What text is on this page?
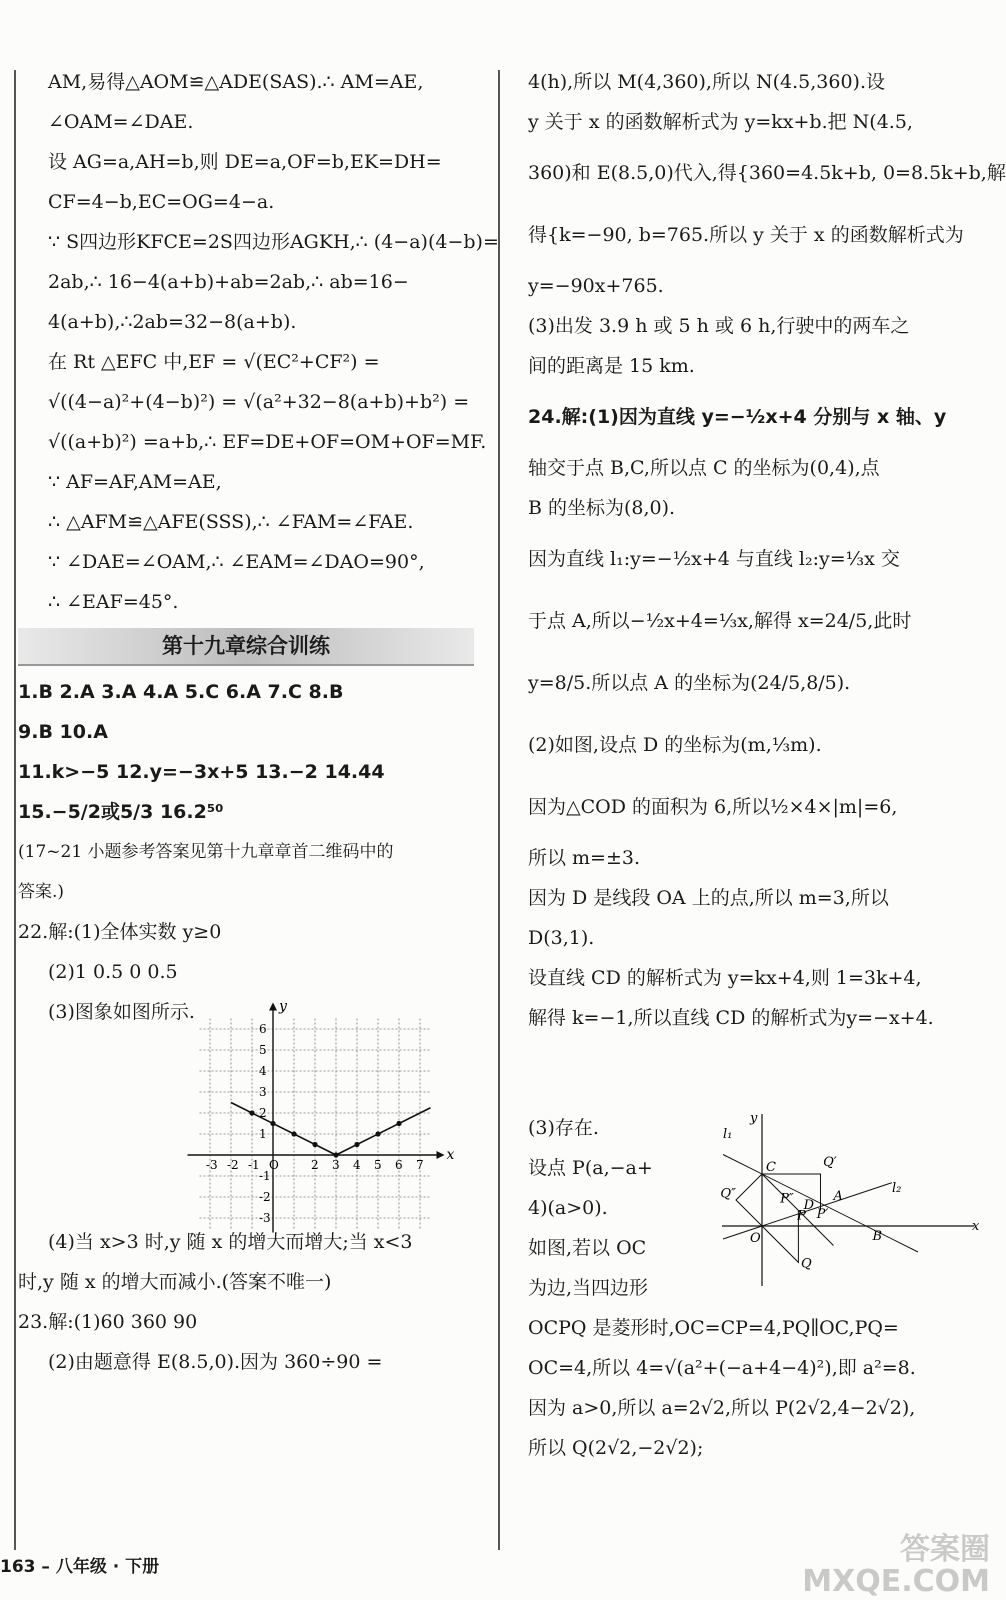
AM,易得△AOM≌△ADE(SAS).∴ AM=AE,
∠OAM=∠DAE.
设 AG=a,AH=b,则 DE=a,OF=b,EK=DH=
CF=4−b,EC=OG=4−a.
∵ S四边形KFCE=2S四边形AGKH,∴ (4−a)(4−b)=
2ab,∴ 16−4(a+b)+ab=2ab,∴ ab=16−
4(a+b),∴2ab=32−8(a+b).
在 Rt △EFC 中,EF = √(EC²+CF²) =
√((4−a)²+(4−b)²) = √(a²+32−8(a+b)+b²) =
√((a+b)²) =a+b,∴ EF=DE+OF=OM+OF=MF.
∵ AF=AF,AM=AE,
∴ △AFM≌△AFE(SSS),∴ ∠FAM=∠FAE.
∵ ∠DAE=∠OAM,∴ ∠EAM=∠DAO=90°,
∴ ∠EAF=45°.
第十九章综合训练
1.B 2.A 3.A 4.A 5.C 6.A 7.C 8.B
9.B 10.A
11.k>−5 12.y=−3x+5 13.−2 14.44
15.−5/2或5/3 16.2⁵⁰
(17~21 小题参考答案见第十九章章首二维码中的
答案.)
22.解:(1)全体实数 y≥0
(2)1 0.5 0 0.5
(3)图象如图所示.
x
y
-3 -2 -1 O	2 3 4 5 6 7
6
5
4
3
2
1
-1
-2
-3
(4)当 x>3 时,y 随 x 的增大而增大;当 x<3
时,y 随 x 的增大而减小.(答案不唯一)
23.解:(1)60 360 90
(2)由题意得 E(8.5,0).因为 360÷90 =
4(h),所以 M(4,360),所以 N(4.5,360).设
y 关于 x 的函数解析式为 y=kx+b.把 N(4.5,
360)和 E(8.5,0)代入,得{360=4.5k+b, 0=8.5k+b,解
得{k=−90, b=765.所以 y 关于 x 的函数解析式为
y=−90x+765.
(3)出发 3.9 h 或 5 h 或 6 h,行驶中的两车之
间的距离是 15 km.
24.解:(1)因为直线 y=−½x+4 分别与 x 轴、y
轴交于点 B,C,所以点 C 的坐标为(0,4),点
B 的坐标为(8,0).
因为直线 l₁:y=−½x+4 与直线 l₂:y=⅓x 交
于点 A,所以−½x+4=⅓x,解得 x=24/5,此时
y=8/5.所以点 A 的坐标为(24/5,8/5).
(2)如图,设点 D 的坐标为(m,⅓m).
因为△COD 的面积为 6,所以½×4×|m|=6,
所以 m=±3.
因为 D 是线段 OA 上的点,所以 m=3,所以
D(3,1).
设直线 CD 的解析式为 y=kx+4,则 1=3k+4,
解得 k=−1,所以直线 CD 的解析式为y=−x+4.
(3)存在.
设点 P(a,−a+
4)(a>0).
如图,若以 OC
为边,当四边形
y
l₁
C	Q′
Q″	P″ D
A
l₂
P P′
O	B
x
Q
OCPQ 是菱形时,OC=CP=4,PQ∥OC,PQ=
OC=4,所以 4=√(a²+(−a+4−4)²),即 a²=8.
因为 a>0,所以 a=2√2,所以 P(2√2,4−2√2),
所以 Q(2√2,−2√2);
163 – 八年级 · 下册	答案圈
MXQE.COM
